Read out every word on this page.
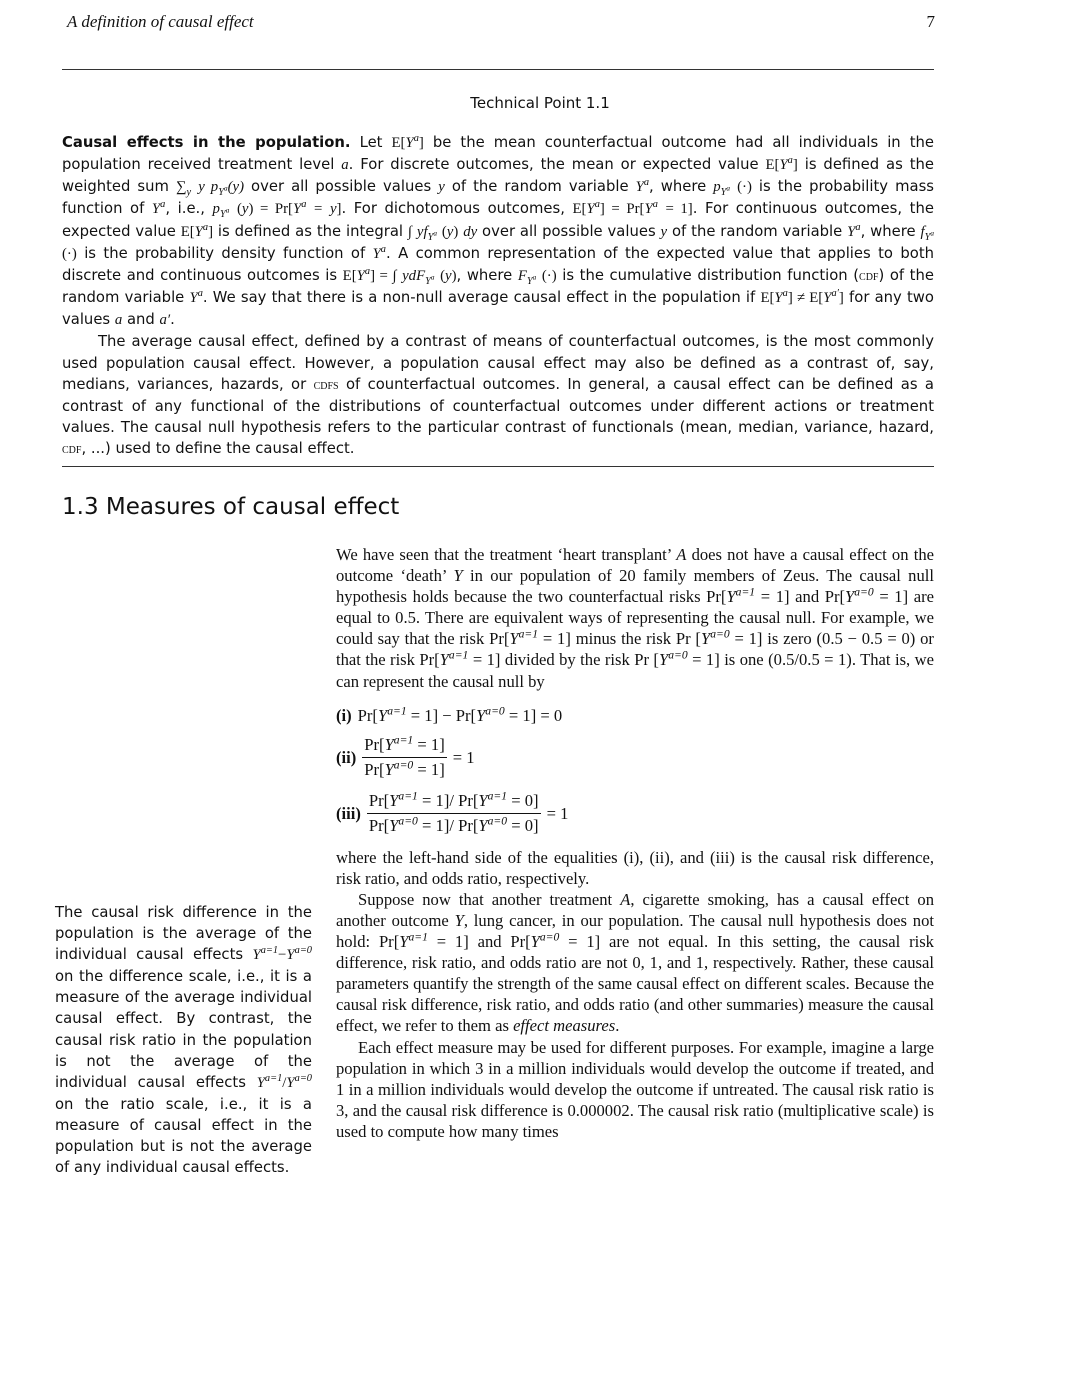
A definition of causal effect	7
Technical Point 1.1

Causal effects in the population. Let $E[Y^a]$ be the mean counterfactual outcome had all individuals in the population received treatment level a. For discrete outcomes, the mean or expected value $E[Y^a]$ is defined as the weighted sum $\sum_y$ y $p_{Y^a}(y)$ over all possible values y of the random variable $Y^a$, where $p_{Y^a}$ (·) is the probability mass function of $Y^a$, i.e., $p_{Y^a}$ $(y) = Pr[Y^a = y]$. For dichotomous outcomes, $E[Y^a] = Pr[Y^a = 1]$. For continuous outcomes, the expected value $E[Y^a]$ is defined as the integral ∫ $yf_{Y^a}$ (y) dy over all possible values y of the random variable $Y^a$, where $f_{Y^a}$ (·) is the probability density function of $Y^a$. A common representation of the expected value that applies to both discrete and continuous outcomes is $E[Y^a]$ = ∫ ydF$_{Y^a}$ (y), where $F_{Y^a}$ (·) is the cumulative distribution function (cdf) of the random variable $Y^a$. We say that there is a non-null average causal effect in the population if $E[Y^a] \ne E[Y^{a'}]$ for any two values a and a′.

The average causal effect, defined by a contrast of means of counterfactual outcomes, is the most commonly used population causal effect. However, a population causal effect may also be defined as a contrast of, say, medians, variances, hazards, or cdfs of counterfactual outcomes. In general, a causal effect can be defined as a contrast of any functional of the distributions of counterfactual outcomes under different actions or treatment values. The causal null hypothesis refers to the particular contrast of functionals (mean, median, variance, hazard, cdf, ...) used to define the causal effect.

1.3 Measures of causal effect

We have seen that the treatment ‘heart transplant’ A does not have a causal effect on the outcome ‘death’ Y in our population of 20 family members of Zeus. The causal null hypothesis holds because the two counterfactual risks $Pr[Y^{a=1} = 1]$ and $Pr[Y^{a=0} = 1]$ are equal to 0.5. There are equivalent ways of representing the causal null. For example, we could say that the risk $Pr[Y^{a=1} = 1]$ minus the risk Pr $[Y^{a=0} = 1]$ is zero (0.5 − 0.5 = 0) or that the risk $Pr[Y^{a=1} = 1]$ divided by the risk Pr $[Y^{a=0} = 1]$ is one (0.5/0.5 = 1). That is, we can represent the causal null by

(i) $Pr[Y^{a=1} = 1] - Pr[Y^{a=0} = 1] = 0$
$(ii) \frac{Pr[Y^{a=1} = 1]}{Pr[Y^{a=0} = 1]} = 1$
$(iii) \frac{Pr[Y^{a=1} = 1]/ Pr[Y^{a=1} = 0]}{Pr[Y^{a=0} = 1]/ Pr[Y^{a=0} = 0]} = 1$

where the left-hand side of the equalities (i), (ii), and (iii) is the causal risk difference, risk ratio, and odds ratio, respectively.

Suppose now that another treatment A, cigarette smoking, has a causal effect on another outcome Y, lung cancer, in our population. The causal null hypothesis does not hold: $Pr[Y^{a=1} = 1]$ and $Pr[Y^{a=0} = 1]$ are not equal. In this setting, the causal risk difference, risk ratio, and odds ratio are not 0, 1, and 1, respectively. Rather, these causal parameters quantify the strength of the same causal effect on different scales. Because the causal risk difference, risk ratio, and odds ratio (and other summaries) measure the causal effect, we refer to them as effect measures.

Each effect measure may be used for different purposes. For example, imagine a large population in which 3 in a million individuals would develop the outcome if treated, and 1 in a million individuals would develop the outcome if untreated. The causal risk ratio is 3, and the causal risk difference is 0.000002. The causal risk ratio (multiplicative scale) is used to compute how many times

The causal risk difference in the population is the average of the individual causal effects $Y^{a=1}-Y^{a=0}$ on the difference scale, i.e., it is a measure of the average individual causal effect. By contrast, the causal risk ratio in the population is not the average of the individual causal effects $Y^{a=1}/Y^{a=0}$ on the ratio scale, i.e., it is a measure of causal effect in the population but is not the average of any individual causal effects.
